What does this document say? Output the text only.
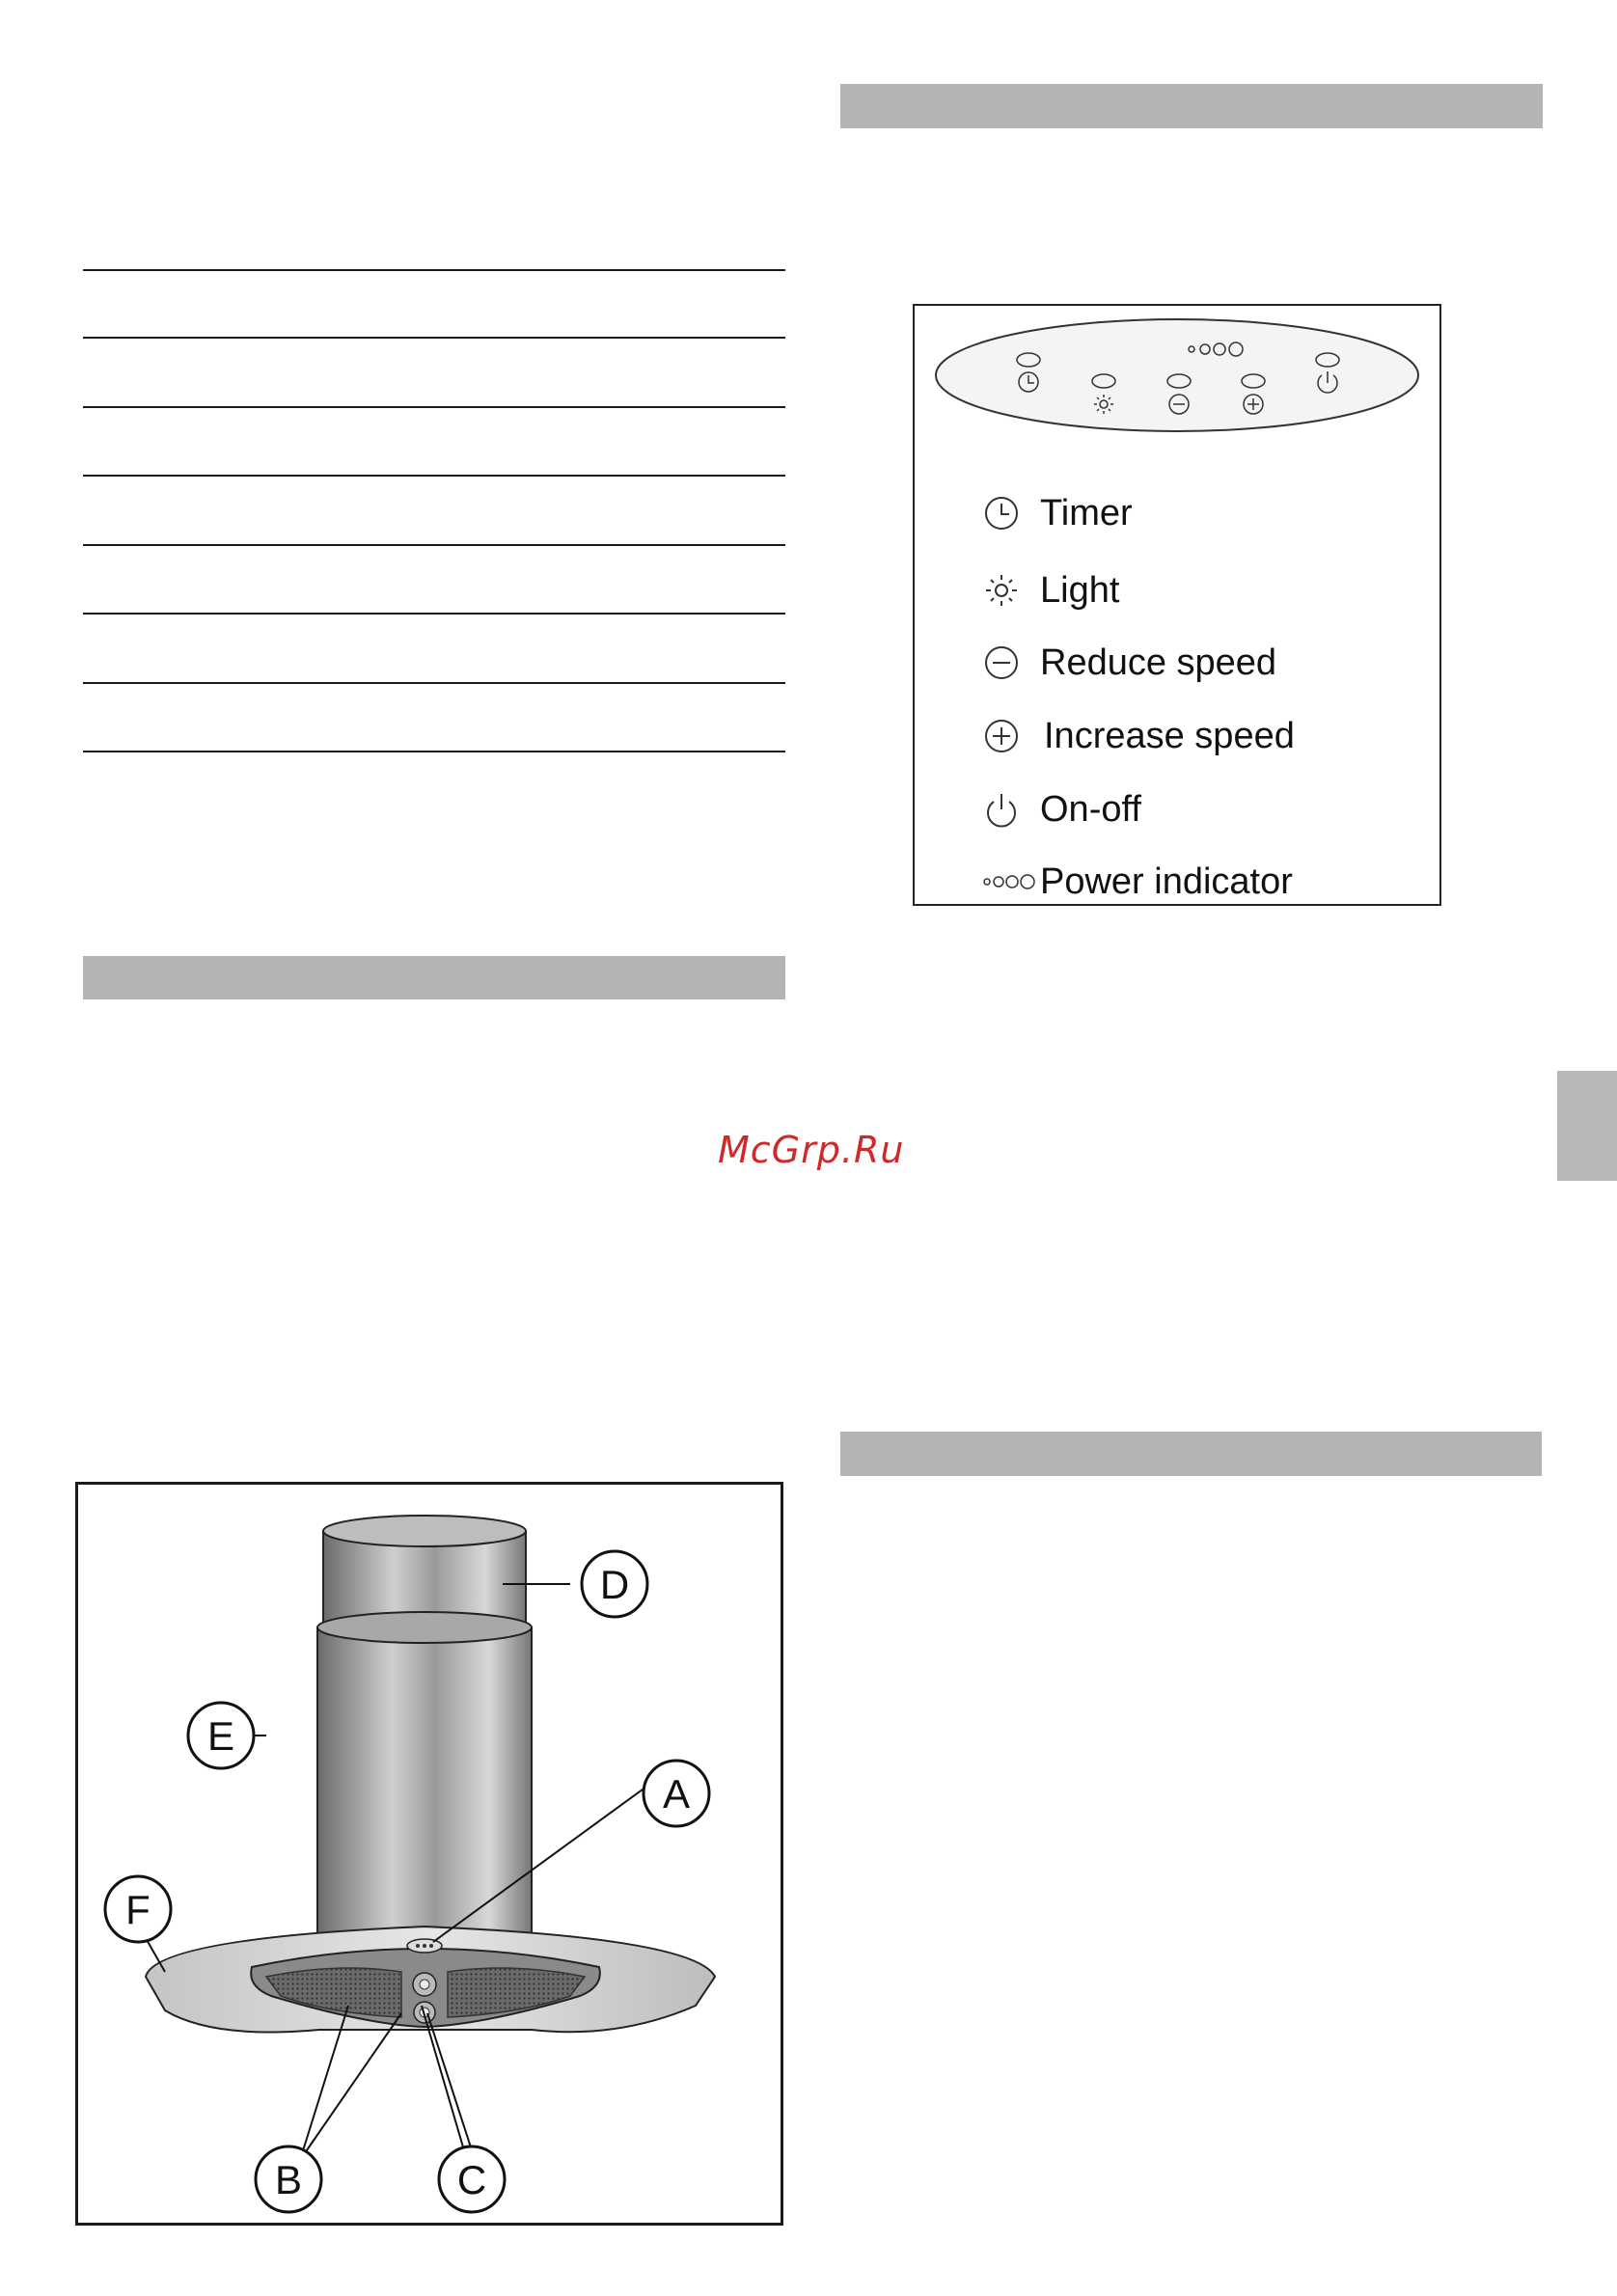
McGrp.Ru
Timer
Light
Reduce speed
Increase speed
On-off
Power indicator
D
E
A
F
B	C
